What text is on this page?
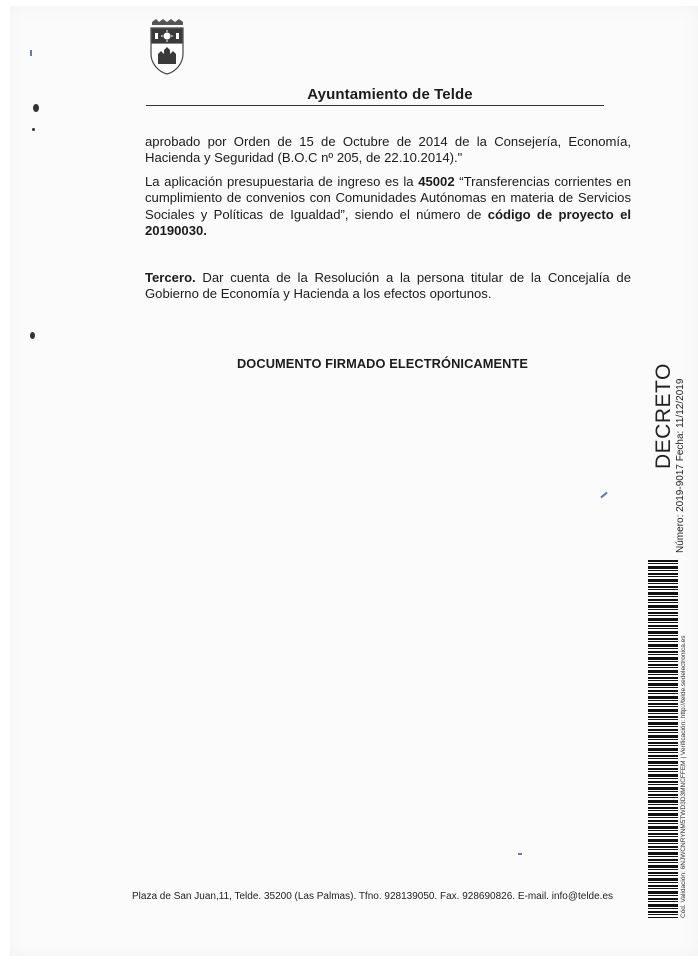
Ayuntamiento de Telde
aprobado por Orden de 15 de Octubre de 2014 de la Consejería, Economía, Hacienda y Seguridad (B.O.C nº 205, de 22.10.2014)."
La aplicación presupuestaria de ingreso es la 45002 “Transferencias corrientes en cumplimiento de convenios con Comunidades Autónomas en materia de Servicios Sociales y Políticas de Igualdad”, siendo el número de código de proyecto el 20190030.
Tercero. Dar cuenta de la Resolución a la persona titular de la Concejalía de Gobierno de Economía y Hacienda a los efectos oportunos.
DOCUMENTO FIRMADO ELECTRÓNICAMENTE
Número: 2019-9017 Fecha: 11/12/2019
DECRETO
Cód. Validación: 6NJWCNRYNM5TWD3D3MNCFFEM | Verificación: http://telde.sedelectronica.es
Plaza de San Juan,11, Telde. 35200 (Las Palmas). Tfno. 928139050. Fax. 928690826. E-mail. info@telde.es
